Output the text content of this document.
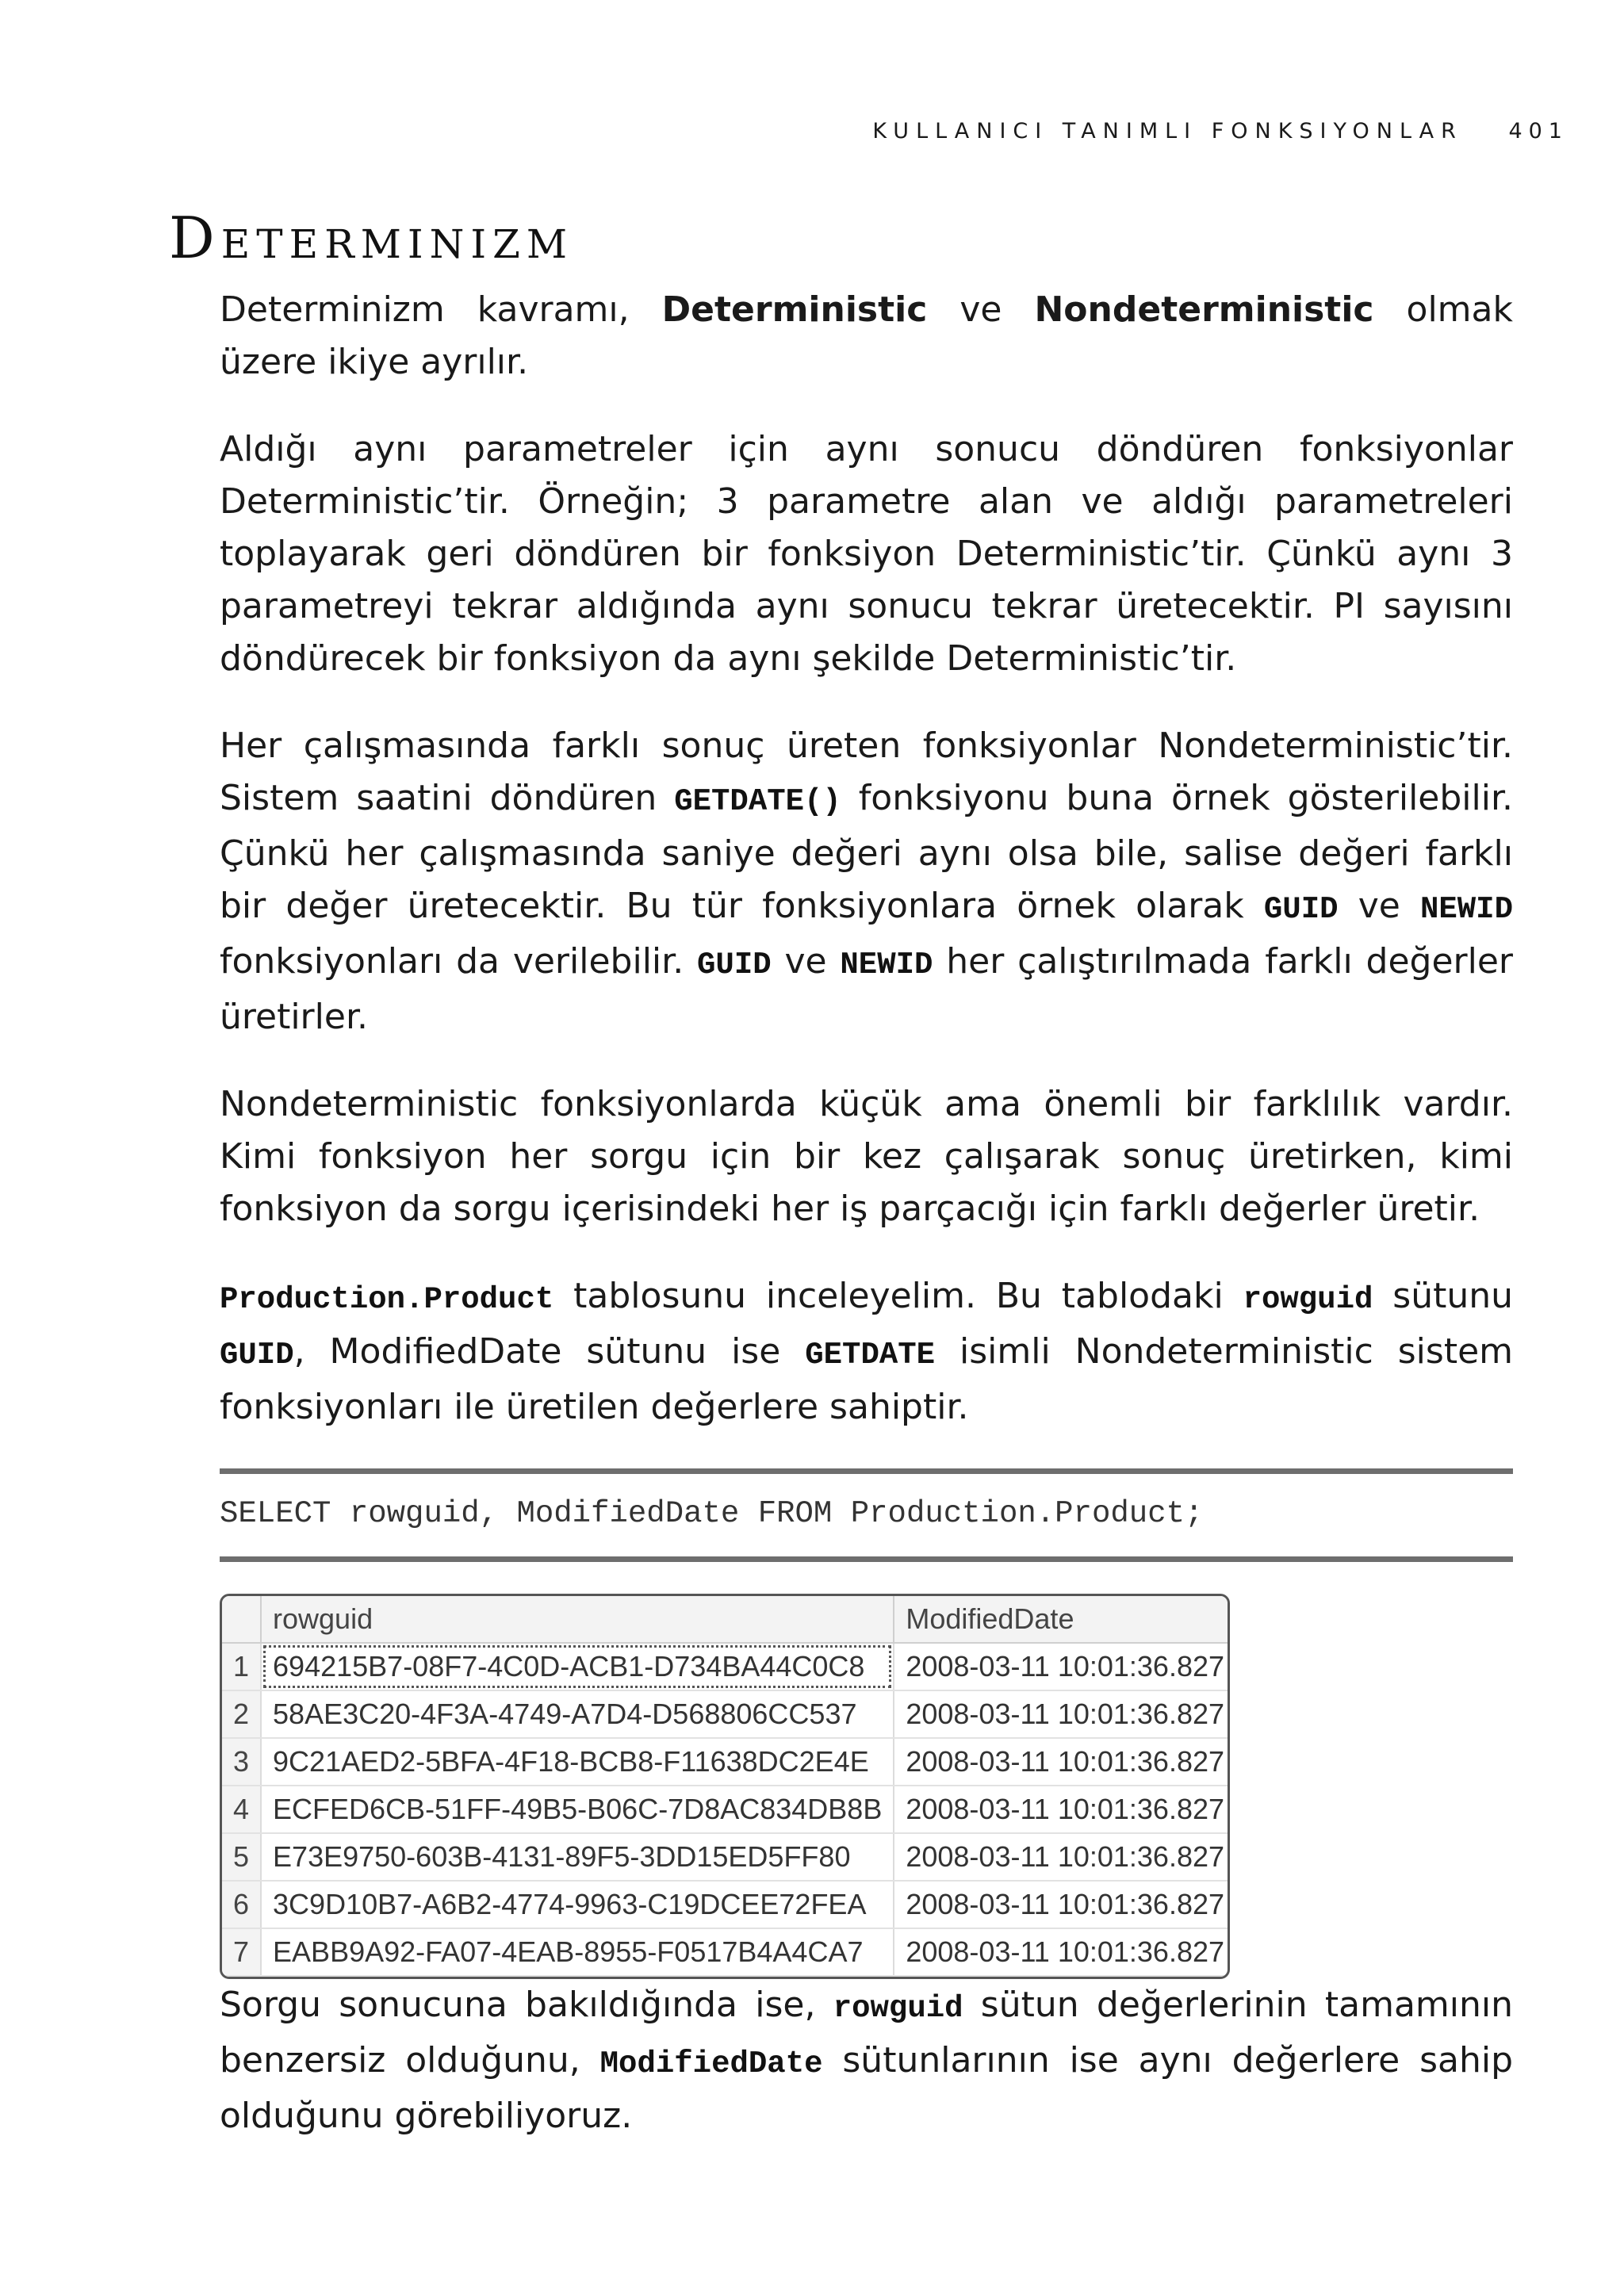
KULLANICI TANIMLI FONKSIYONLAR 401
Determinizm

Determinizm kavramı, Deterministic ve Nondeterministic olmak üzere ikiye ayrılır.

Aldığı aynı parametreler için aynı sonucu döndüren fonksiyonlar Deterministic’tir. Örneğin; 3 parametre alan ve aldığı parametreleri toplayarak geri döndüren bir fonksiyon Deterministic’tir. Çünkü aynı 3 parametreyi tekrar aldığında aynı sonucu tekrar üretecektir. PI sayısını döndürecek bir fonksiyon da aynı şekilde Deterministic’tir.

Her çalışmasında farklı sonuç üreten fonksiyonlar Nondeterministic’tir. Sistem saatini döndüren GETDATE() fonksiyonu buna örnek gösterilebilir. Çünkü her çalışmasında saniye değeri aynı olsa bile, salise değeri farklı bir değer üretecektir. Bu tür fonksiyonlara örnek olarak GUID ve NEWID fonksiyonları da verilebilir. GUID ve NEWID her çalıştırılmada farklı değerler üretirler.

Nondeterministic fonksiyonlarda küçük ama önemli bir farklılık vardır. Kimi fonksiyon her sorgu için bir kez çalışarak sonuç üretirken, kimi fonksiyon da sorgu içerisindeki her iş parçacığı için farklı değerler üretir.

Production.Product tablosunu inceleyelim. Bu tablodaki rowguid sütunu GUID, ModifiedDate sütunu ise GETDATE isimli Nondeterministic sistem fonksiyonları ile üretilen değerlere sahiptir.

SELECT rowguid, ModifiedDate FROM Production.Product;
	rowguid	ModifiedDate
1	694215B7-08F7-4C0D-ACB1-D734BA44C0C8	2008-03-11 10:01:36.827
2	58AE3C20-4F3A-4749-A7D4-D568806CC537	2008-03-11 10:01:36.827
3	9C21AED2-5BFA-4F18-BCB8-F11638DC2E4E	2008-03-11 10:01:36.827
4	ECFED6CB-51FF-49B5-B06C-7D8AC834DB8B	2008-03-11 10:01:36.827
5	E73E9750-603B-4131-89F5-3DD15ED5FF80	2008-03-11 10:01:36.827
6	3C9D10B7-A6B2-4774-9963-C19DCEE72FEA	2008-03-11 10:01:36.827
7	EABB9A92-FA07-4EAB-8955-F0517B4A4CA7	2008-03-11 10:01:36.827

Sorgu sonucuna bakıldığında ise, rowguid sütun değerlerinin tamamının benzersiz olduğunu, ModifiedDate sütunlarının ise aynı değerlere sahip olduğunu görebiliyoruz.
